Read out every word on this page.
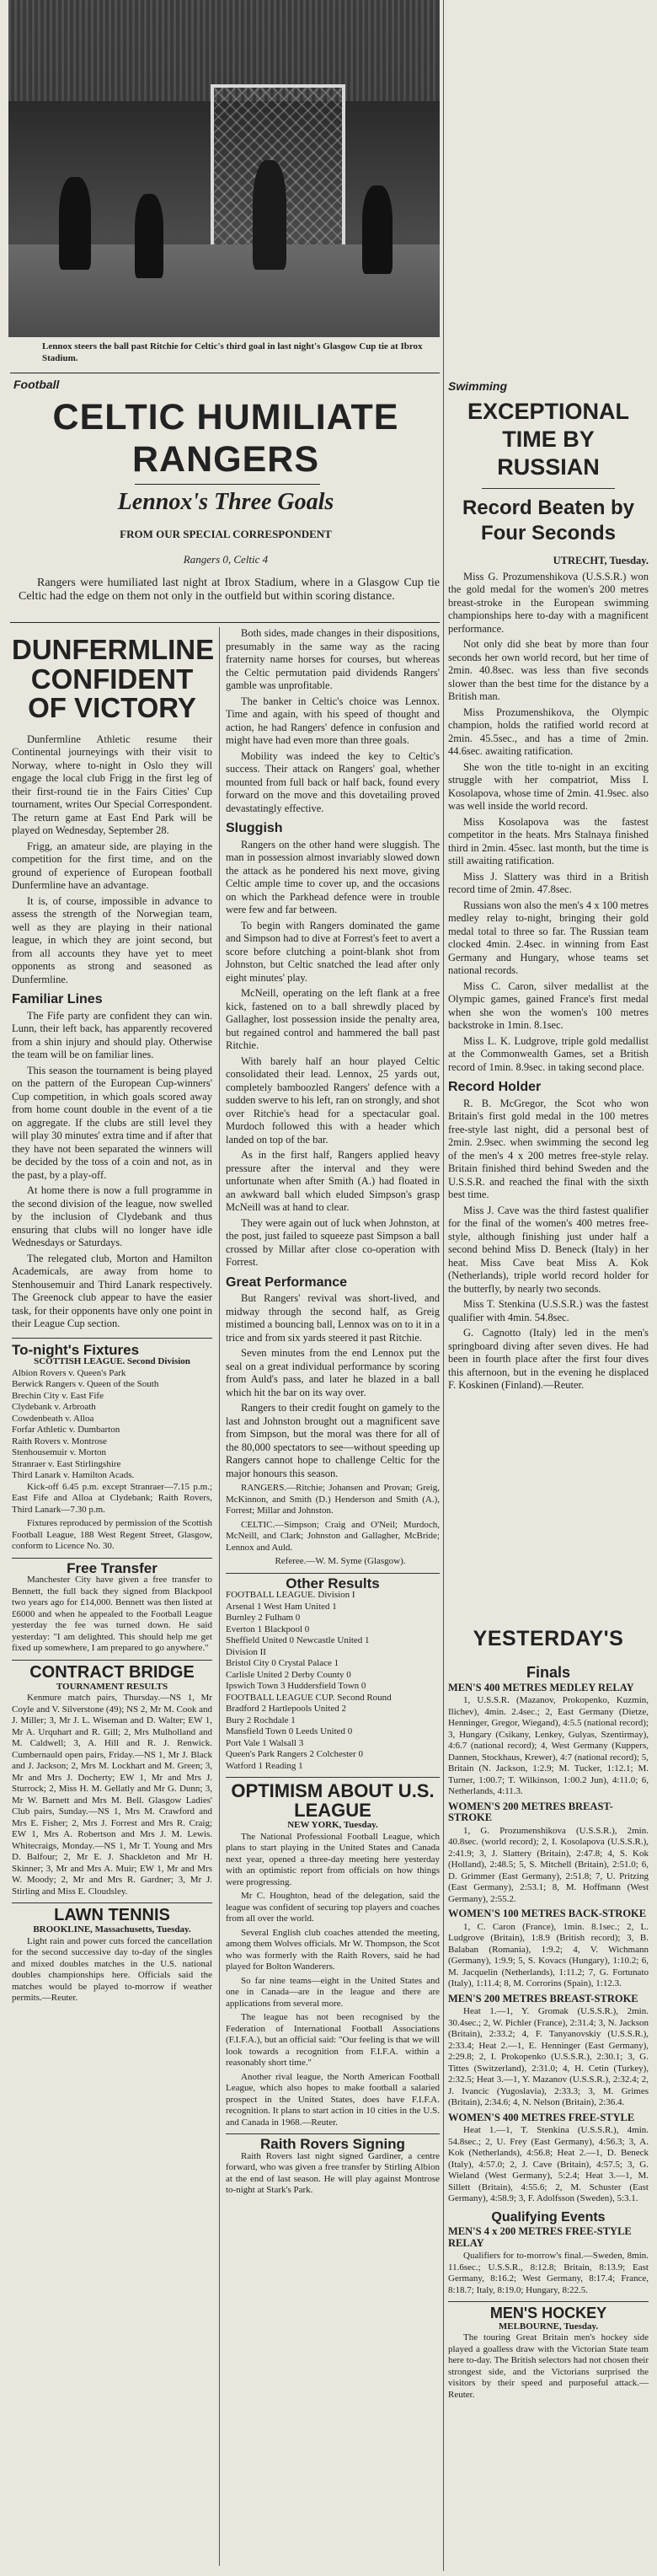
Lennox steers the ball past Ritchie for Celtic's third goal in last night's Glasgow Cup tie at Ibrox Stadium.
Football
CELTIC HUMILIATE RANGERS
Lennox's Three Goals
FROM OUR SPECIAL CORRESPONDENT
Rangers 0, Celtic 4
Rangers were humiliated last night at Ibrox Stadium, where in a Glasgow Cup tie Celtic had the edge on them not only in the outfield but within scoring distance.
DUNFERMLINE CONFIDENT OF VICTORY

Dunfermline Athletic resume their Continental journeyings with their visit to Norway, where to-night in Oslo they will engage the local club Frigg in the first leg of their first-round tie in the Fairs Cities' Cup tournament, writes Our Special Correspondent. The return game at East End Park will be played on Wednesday, September 28.

Frigg, an amateur side, are playing in the competition for the first time, and on the ground of experience of European football Dunfermline have an advantage.

It is, of course, impossible in advance to assess the strength of the Norwegian team, well as they are playing in their national league, in which they are joint second, but from all accounts they have yet to meet opponents as strong and seasoned as Dunfermline.

Familiar Lines

The Fife party are confident they can win. Lunn, their left back, has apparently recovered from a shin injury and should play. Otherwise the team will be on familiar lines.

This season the tournament is being played on the pattern of the European Cup-winners' Cup competition, in which goals scored away from home count double in the event of a tie on aggregate. If the clubs are still level they will play 30 minutes' extra time and if after that they have not been separated the winners will be decided by the toss of a coin and not, as in the past, by a play-off.

At home there is now a full programme in the second division of the league, now swelled by the inclusion of Clydebank and thus ensuring that clubs will no longer have idle Wednesdays or Saturdays.

The relegated club, Morton and Hamilton Academicals, are away from home to Stenhousemuir and Third Lanark respectively. The Greenock club appear to have the easier task, for their opponents have only one point in their League Cup section.

To-night's Fixtures
SCOTTISH LEAGUE. Second Division
Albion Rovers v. Queen's Park
Berwick Rangers v. Queen of the South
Brechin City v. East Fife
Clydebank v. Arbroath
Cowdenbeath v. Alloa
Forfar Athletic v. Dumbarton
Raith Rovers v. Montrose
Stenhousemuir v. Morton
Stranraer v. East Stirlingshire
Third Lanark v. Hamilton Acads.

Kick-off 6.45 p.m. except Stranraer—7.15 p.m.; East Fife and Alloa at Clydebank; Raith Rovers, Third Lanark—7.30 p.m.

Fixtures reproduced by permission of the Scottish Football League, 188 West Regent Street, Glasgow, conform to Licence No. 30.

Free Transfer

Manchester City have given a free transfer to Bennett, the full back they signed from Blackpool two years ago for £14,000. Bennett was then listed at £6000 and when he appealed to the Football League yesterday the fee was turned down. He said yesterday: "I am delighted. This should help me get fixed up somewhere, I am prepared to go anywhere."

CONTRACT BRIDGE
TOURNAMENT RESULTS

Kenmure match pairs, Thursday.—NS 1, Mr Coyle and V. Silverstone (49); NS 2, Mr M. Cook and J. Miller; 3, Mr J. L. Wiseman and D. Walter; EW 1, Mr A. Urquhart and R. Gill; 2, Mrs Mulholland and M. Caldwell; 3, A. Hill and R. J. Renwick. Cumbernauld open pairs, Friday.—NS 1, Mr J. Black and J. Jackson; 2, Mrs M. Lockhart and M. Green; 3, Mr and Mrs J. Docherty; EW 1, Mr and Mrs J. Sturrock; 2, Miss H. M. Gellatly and Mr G. Dunn; 3, Mr W. Barnett and Mrs M. Bell. Glasgow Ladies' Club pairs, Sunday.—NS 1, Mrs M. Crawford and Mrs E. Fisher; 2, Mrs J. Forrest and Mrs R. Craig; EW 1, Mrs A. Robertson and Mrs J. M. Lewis. Whitecraigs, Monday.—NS 1, Mr T. Young and Mrs D. Balfour; 2, Mr E. J. Shackleton and Mr H. Skinner; 3, Mr and Mrs A. Muir; EW 1, Mr and Mrs W. Moody; 2, Mr and Mrs R. Gardner; 3, Mr J. Stirling and Miss E. Cloudsley.

LAWN TENNIS
BROOKLINE, Massachusetts, Tuesday.

Light rain and power cuts forced the cancellation for the second successive day to-day of the singles and mixed doubles matches in the U.S. national doubles championships here. Officials said the matches would be played to-morrow if weather permits.—Reuter.

Both sides, made changes in their dispositions, presumably in the same way as the racing fraternity name horses for courses, but whereas the Celtic permutation paid dividends Rangers' gamble was unprofitable.

The banker in Celtic's choice was Lennox. Time and again, with his speed of thought and action, he had Rangers' defence in confusion and might have had even more than three goals.

Mobility was indeed the key to Celtic's success. Their attack on Rangers' goal, whether mounted from full back or half back, found every forward on the move and this dovetailing proved devastatingly effective.

Sluggish

Rangers on the other hand were sluggish. The man in possession almost invariably slowed down the attack as he pondered his next move, giving Celtic ample time to cover up, and the occasions on which the Parkhead defence were in trouble were few and far between.

To begin with Rangers dominated the game and Simpson had to dive at Forrest's feet to avert a score before clutching a point-blank shot from Johnston, but Celtic snatched the lead after only eight minutes' play.

McNeill, operating on the left flank at a free kick, fastened on to a ball shrewdly placed by Gallagher, lost possession inside the penalty area, but regained control and hammered the ball past Ritchie.

With barely half an hour played Celtic consolidated their lead. Lennox, 25 yards out, completely bamboozled Rangers' defence with a sudden swerve to his left, ran on strongly, and shot over Ritchie's head for a spectacular goal. Murdoch followed this with a header which landed on top of the bar.

As in the first half, Rangers applied heavy pressure after the interval and they were unfortunate when after Smith (A.) had floated in an awkward ball which eluded Simpson's grasp McNeill was at hand to clear.

They were again out of luck when Johnston, at the post, just failed to squeeze past Simpson a ball crossed by Millar after close co-operation with Forrest.

Great Performance

But Rangers' revival was short-lived, and midway through the second half, as Greig mistimed a bouncing ball, Lennox was on to it in a trice and from six yards steered it past Ritchie.

Seven minutes from the end Lennox put the seal on a great individual performance by scoring from Auld's pass, and later he blazed in a ball which hit the bar on its way over.

Rangers to their credit fought on gamely to the last and Johnston brought out a magnificent save from Simpson, but the moral was there for all of the 80,000 spectators to see—without speeding up Rangers cannot hope to challenge Celtic for the major honours this season.

RANGERS.—Ritchie; Johansen and Provan; Greig, McKinnon, and Smith (D.) Henderson and Smith (A.), Forrest; Millar and Johnston.

CELTIC.—Simpson; Craig and O'Neil; Murdoch, McNeill, and Clark; Johnston and Gallagher, McBride; Lennox and Auld.

Referee.—W. M. Syme (Glasgow).

Other Results
FOOTBALL LEAGUE. Division I
Arsenal 1 West Ham United 1
Burnley 2 Fulham 0
Everton 1 Blackpool 0
Sheffield United 0 Newcastle United 1
Division II
Bristol City 0 Crystal Palace 1
Carlisle United 2 Derby County 0
Ipswich Town 3 Huddersfield Town 0
FOOTBALL LEAGUE CUP. Second Round
Bradford 2 Hartlepools United 2
Bury 2 Rochdale 1
Mansfield Town 0 Leeds United 0
Port Vale 1 Walsall 3
Queen's Park Rangers 2 Colchester 0
Watford 1 Reading 1
OPTIMISM ABOUT U.S. LEAGUE
NEW YORK, Tuesday.

The National Professional Football League, which plans to start playing in the United States and Canada next year, opened a three-day meeting here yesterday with an optimistic report from officials on how things were progressing.

Mr C. Houghton, head of the delegation, said the league was confident of securing top players and coaches from all over the world.

Several English club coaches attended the meeting, among them Wolves officials. Mr W. Thompson, the Scot who was formerly with the Raith Rovers, said he had played for Bolton Wanderers.

So far nine teams—eight in the United States and one in Canada—are in the league and there are applications from several more.

The league has not been recognised by the Federation of International Football Associations (F.I.F.A.), but an official said: "Our feeling is that we will look towards a recognition from F.I.F.A. within a reasonably short time."

Another rival league, the North American Football League, which also hopes to make football a salaried prospect in the United States, does have F.I.F.A. recognition. It plans to start action in 10 cities in the U.S. and Canada in 1968.—Reuter.

Raith Rovers Signing

Raith Rovers last night signed Gardiner, a centre forward, who was given a free transfer by Stirling Albion at the end of last season. He will play against Montrose to-night at Stark's Park.

Swimming
EXCEPTIONAL TIME BY RUSSIAN
Record Beaten by Four Seconds

UTRECHT, Tuesday.

Miss G. Prozumenshikova (U.S.S.R.) won the gold medal for the women's 200 metres breast-stroke in the European swimming championships here to-day with a magnificent performance.

Not only did she beat by more than four seconds her own world record, but her time of 2min. 40.8sec. was less than five seconds slower than the best time for the distance by a British man.

Miss Prozumenshikova, the Olympic champion, holds the ratified world record at 2min. 45.5sec., and has a time of 2min. 44.6sec. awaiting ratification.

She won the title to-night in an exciting struggle with her compatriot, Miss I. Kosolapova, whose time of 2min. 41.9sec. also was well inside the world record.

Miss Kosolapova was the fastest competitor in the heats. Mrs Stalnaya finished third in 2min. 45sec. last month, but the time is still awaiting ratification.

Miss J. Slattery was third in a British record time of 2min. 47.8sec.

Russians won also the men's 4 x 100 metres medley relay to-night, bringing their gold medal total to three so far. The Russian team clocked 4min. 2.4sec. in winning from East Germany and Hungary, whose teams set national records.

Miss C. Caron, silver medallist at the Olympic games, gained France's first medal when she won the women's 100 metres backstroke in 1min. 8.1sec.

Miss L. K. Ludgrove, triple gold medallist at the Commonwealth Games, set a British record of 1min. 8.9sec. in taking second place.

Record Holder

R. B. McGregor, the Scot who won Britain's first gold medal in the 100 metres free-style last night, did a personal best of 2min. 2.9sec. when swimming the second leg of the men's 4 x 200 metres free-style relay. Britain finished third behind Sweden and the U.S.S.R. and reached the final with the sixth best time.

Miss J. Cave was the third fastest qualifier for the final of the women's 400 metres free-style, although finishing just under half a second behind Miss D. Beneck (Italy) in her heat. Miss Cave beat Miss A. Kok (Netherlands), triple world record holder for the butterfly, by nearly two seconds.

Miss T. Stenkina (U.S.S.R.) was the fastest qualifier with 4min. 54.8sec.

G. Cagnotto (Italy) led in the men's springboard diving after seven dives. He had been in fourth place after the first four dives this afternoon, but in the evening he displaced F. Koskinen (Finland).—Reuter.

YESTERDAY'S
Finals
MEN'S 400 METRES MEDLEY RELAY

1, U.S.S.R. (Mazanov, Prokopenko, Kuzmin, Ilichev), 4min. 2.4sec.; 2, East Germany (Dietze, Henninger, Gregor, Wiegand), 4:5.5 (national record); 3, Hungary (Csikany, Lenkey, Gulyas, Szentirmay), 4:6.7 (national record); 4, West Germany (Kuppers, Dannen, Stockhaus, Krewer), 4:7 (national record); 5, Britain (N. Jackson, 1:2.9; M. Tucker, 1:12.1; M. Turner, 1:00.7; T. Wilkinson, 1:00.2 Jun), 4:11.0; 6, Netherlands, 4:11.3.

WOMEN'S 200 METRES BREAST-STROKE

1, G. Prozumenshikova (U.S.S.R.), 2min. 40.8sec. (world record); 2, I. Kosolapova (U.S.S.R.), 2:41.9; 3, J. Slattery (Britain), 2:47.8; 4, S. Kok (Holland), 2:48.5; 5, S. Mitchell (Britain), 2:51.0; 6, D. Grimmer (East Germany), 2:51.8; 7, U. Pritzing (East Germany), 2:53.1; 8, M. Hoffmann (West Germany), 2:55.2.

WOMEN'S 100 METRES BACK-STROKE

1, C. Caron (France), 1min. 8.1sec.; 2, L. Ludgrove (Britain), 1:8.9 (British record); 3, B. Balaban (Romania), 1:9.2; 4, V. Wichmann (Germany), 1:9.9; 5, S. Kovacs (Hungary), 1:10.2; 6, M. Jacquelin (Netherlands), 1:11.2; 7, G. Fortunato (Italy), 1:11.4; 8, M. Corrorins (Spain), 1:12.3.

MEN'S 200 METRES BREAST-STROKE

Heat 1.—1, Y. Gromak (U.S.S.R.), 2min. 30.4sec.; 2, W. Pichler (France), 2:31.4; 3, N. Jackson (Britain), 2:33.2; 4, F. Tanyanovskiy (U.S.S.R.), 2:33.4; Heat 2.—1, E. Henninger (East Germany), 2:29.8; 2, I. Prokopenko (U.S.S.R.), 2:30.1; 3, G. Tittes (Switzerland), 2:31.0; 4, H. Cetin (Turkey), 2:32.5; Heat 3.—1, Y. Mazanov (U.S.S.R.), 2:32.4; 2, J. Ivancic (Yugoslavia), 2:33.3; 3, M. Grimes (Britain), 2:34.6; 4, N. Nelson (Britain), 2:36.4.

WOMEN'S 400 METRES FREE-STYLE

Heat 1.—1, T. Stenkina (U.S.S.R.), 4min. 54.8sec.; 2, U. Frey (East Germany), 4:56.3; 3, A. Kok (Netherlands), 4:56.8; Heat 2.—1, D. Beneck (Italy), 4:57.0; 2, J. Cave (Britain), 4:57.5; 3, G. Wieland (West Germany), 5:2.4; Heat 3.—1, M. Sillett (Britain), 4:55.6; 2, M. Schuster (East Germany), 4:58.9; 3, F. Adolfsson (Sweden), 5:3.1.

Qualifying Events
MEN'S 4 x 200 METRES FREE-STYLE RELAY

Qualifiers for to-morrow's final.—Sweden, 8min. 11.6sec.; U.S.S.R., 8:12.8; Britain, 8:13.9; East Germany, 8:16.2; West Germany, 8:17.4; France, 8:18.7; Italy, 8:19.0; Hungary, 8:22.5.

MEN'S HOCKEY
MELBOURNE, Tuesday.

The touring Great Britain men's hockey side played a goalless draw with the Victorian State team here to-day. The British selectors had not chosen their strongest side, and the Victorians surprised the visitors by their speed and purposeful attack.—Reuter.
